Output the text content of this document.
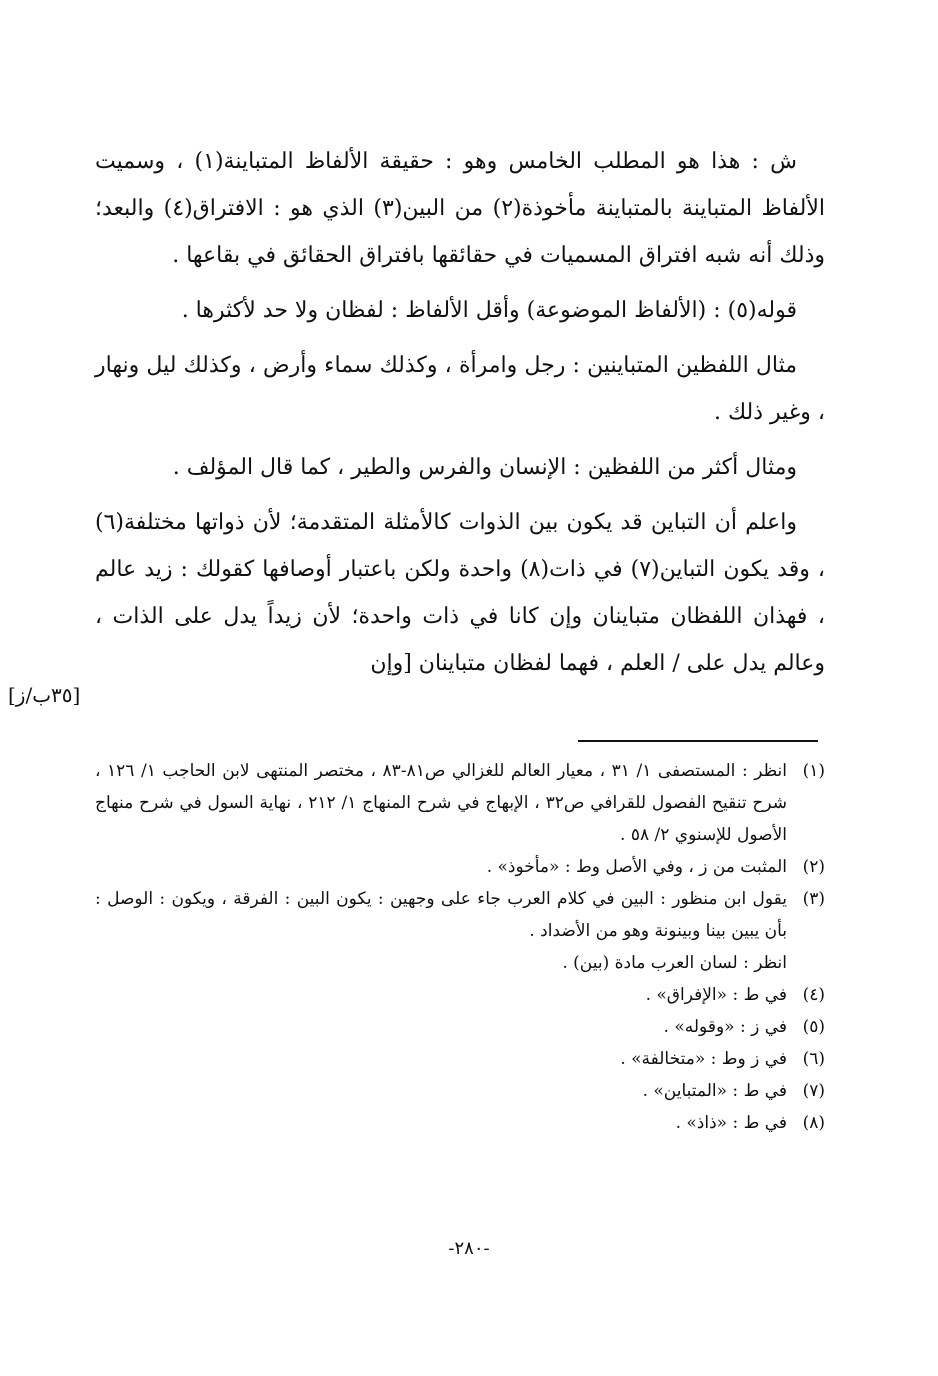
ش : هذا هو المطلب الخامس وهو : حقيقة الألفاظ المتباينة(١) ، وسميت الألفاظ المتباينة بالمتباينة مأخوذة(٢) من البين(٣) الذي هو : الافتراق(٤) والبعد؛ وذلك أنه شبه افتراق المسميات في حقائقها بافتراق الحقائق في بقاعها .

قوله(٥) : (الألفاظ الموضوعة) وأقل الألفاظ : لفظان ولا حد لأكثرها .

مثال اللفظين المتباينين : رجل وامرأة ، وكذلك سماء وأرض ، وكذلك ليل ونهار ، وغير ذلك .

ومثال أكثر من اللفظين : الإنسان والفرس والطير ، كما قال المؤلف .

واعلم أن التباين قد يكون بين الذوات كالأمثلة المتقدمة؛ لأن ذواتها مختلفة(٦) ، وقد يكون التباين(٧) في ذات(٨) واحدة ولكن باعتبار أوصافها كقولك : زيد عالم ، فهذان اللفظان متباينان وإن كانا في ذات واحدة؛ لأن زيداً يدل على الذات ، وعالم يدل على / العلم ، فهما لفظان متباينان [وإن

[٣٥ب/ز]
(١)
انظر : المستصفى ١/ ٣١ ، معيار العالم للغزالي ص٨١-٨٣ ، مختصر المنتهى لابن الحاجب ١/ ١٢٦ ، شرح تنقيح الفصول للقرافي ص٣٢ ، الإبهاج في شرح المنهاج ١/ ٢١٢ ، نهاية السول في شرح منهاج الأصول للإسنوي ٢/ ٥٨ .
(٢)
المثبت من ز ، وفي الأصل وط : «مأخوذ» .
(٣)
يقول ابن منظور : البين في كلام العرب جاء على وجهين : يكون البين : الفرقة ، ويكون : الوصل : بأن يبين بينا وبينونة وهو من الأضداد .
انظر : لسان العرب مادة (بين) .
(٤)
في ط : «الإفراق» .
(٥)
في ز : «وقوله» .
(٦)
في ز وط : «متخالفة» .
(٧)
في ط : «المتباين» .
(٨)
في ط : «ذاذ» .
-٢٨٠-
